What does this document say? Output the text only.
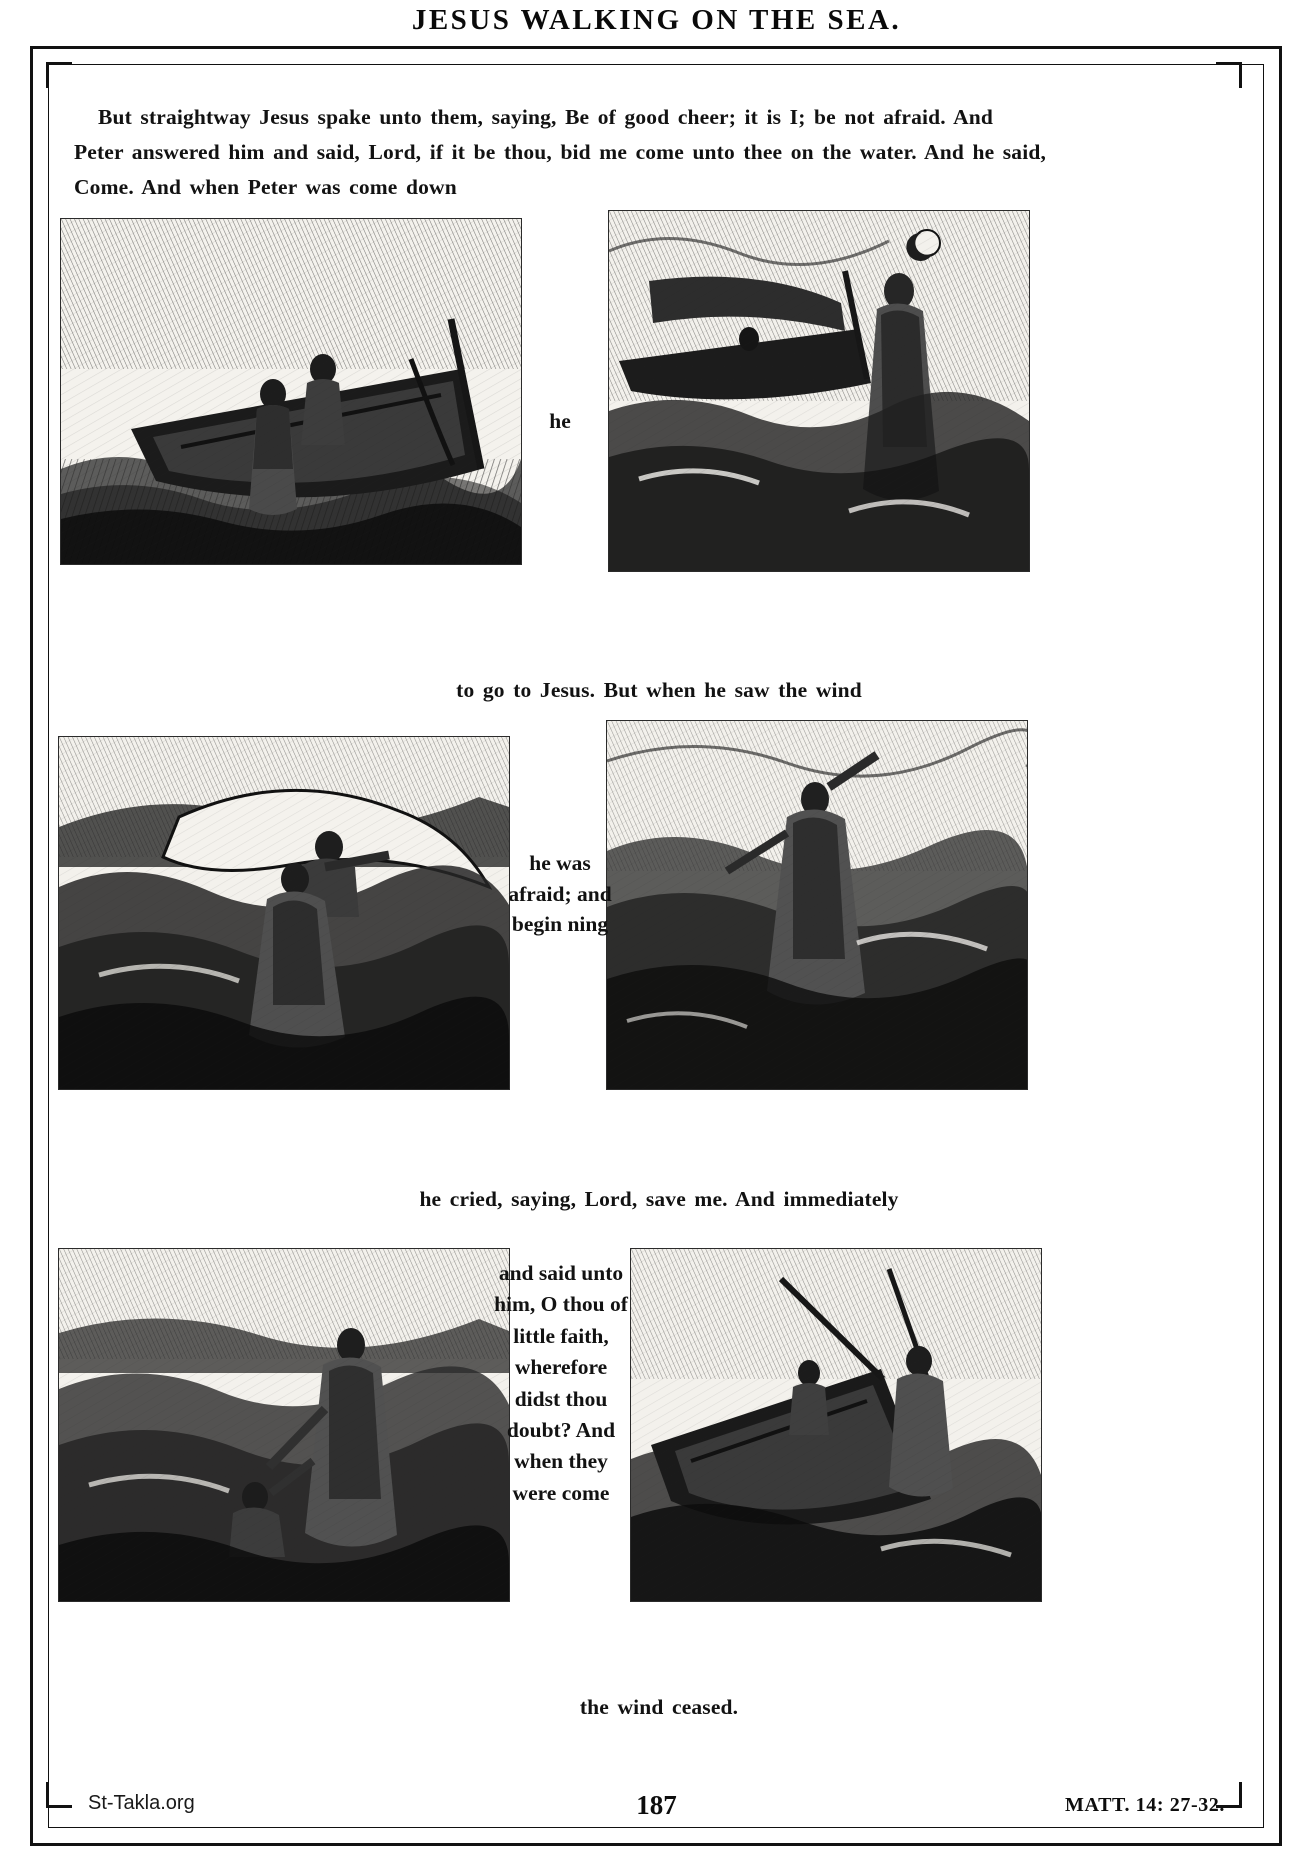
JESUS WALKING ON THE SEA.
But straightway Jesus spake unto them, saying, Be of good cheer; it is I; be not afraid. And
Peter answered him and said, Lord, if it be thou, bid me come unto thee on the water. And he said,
Come. And when Peter was come down
he
to go to Jesus. But when he saw the wind
he was afraid; and begin ning
he cried, saying, Lord, save me. And immediately
and said unto him, O thou of little faith, wherefore didst thou doubt? And when they were come
the wind ceased.
St-Takla.org	187	MATT. 14: 27-32.
